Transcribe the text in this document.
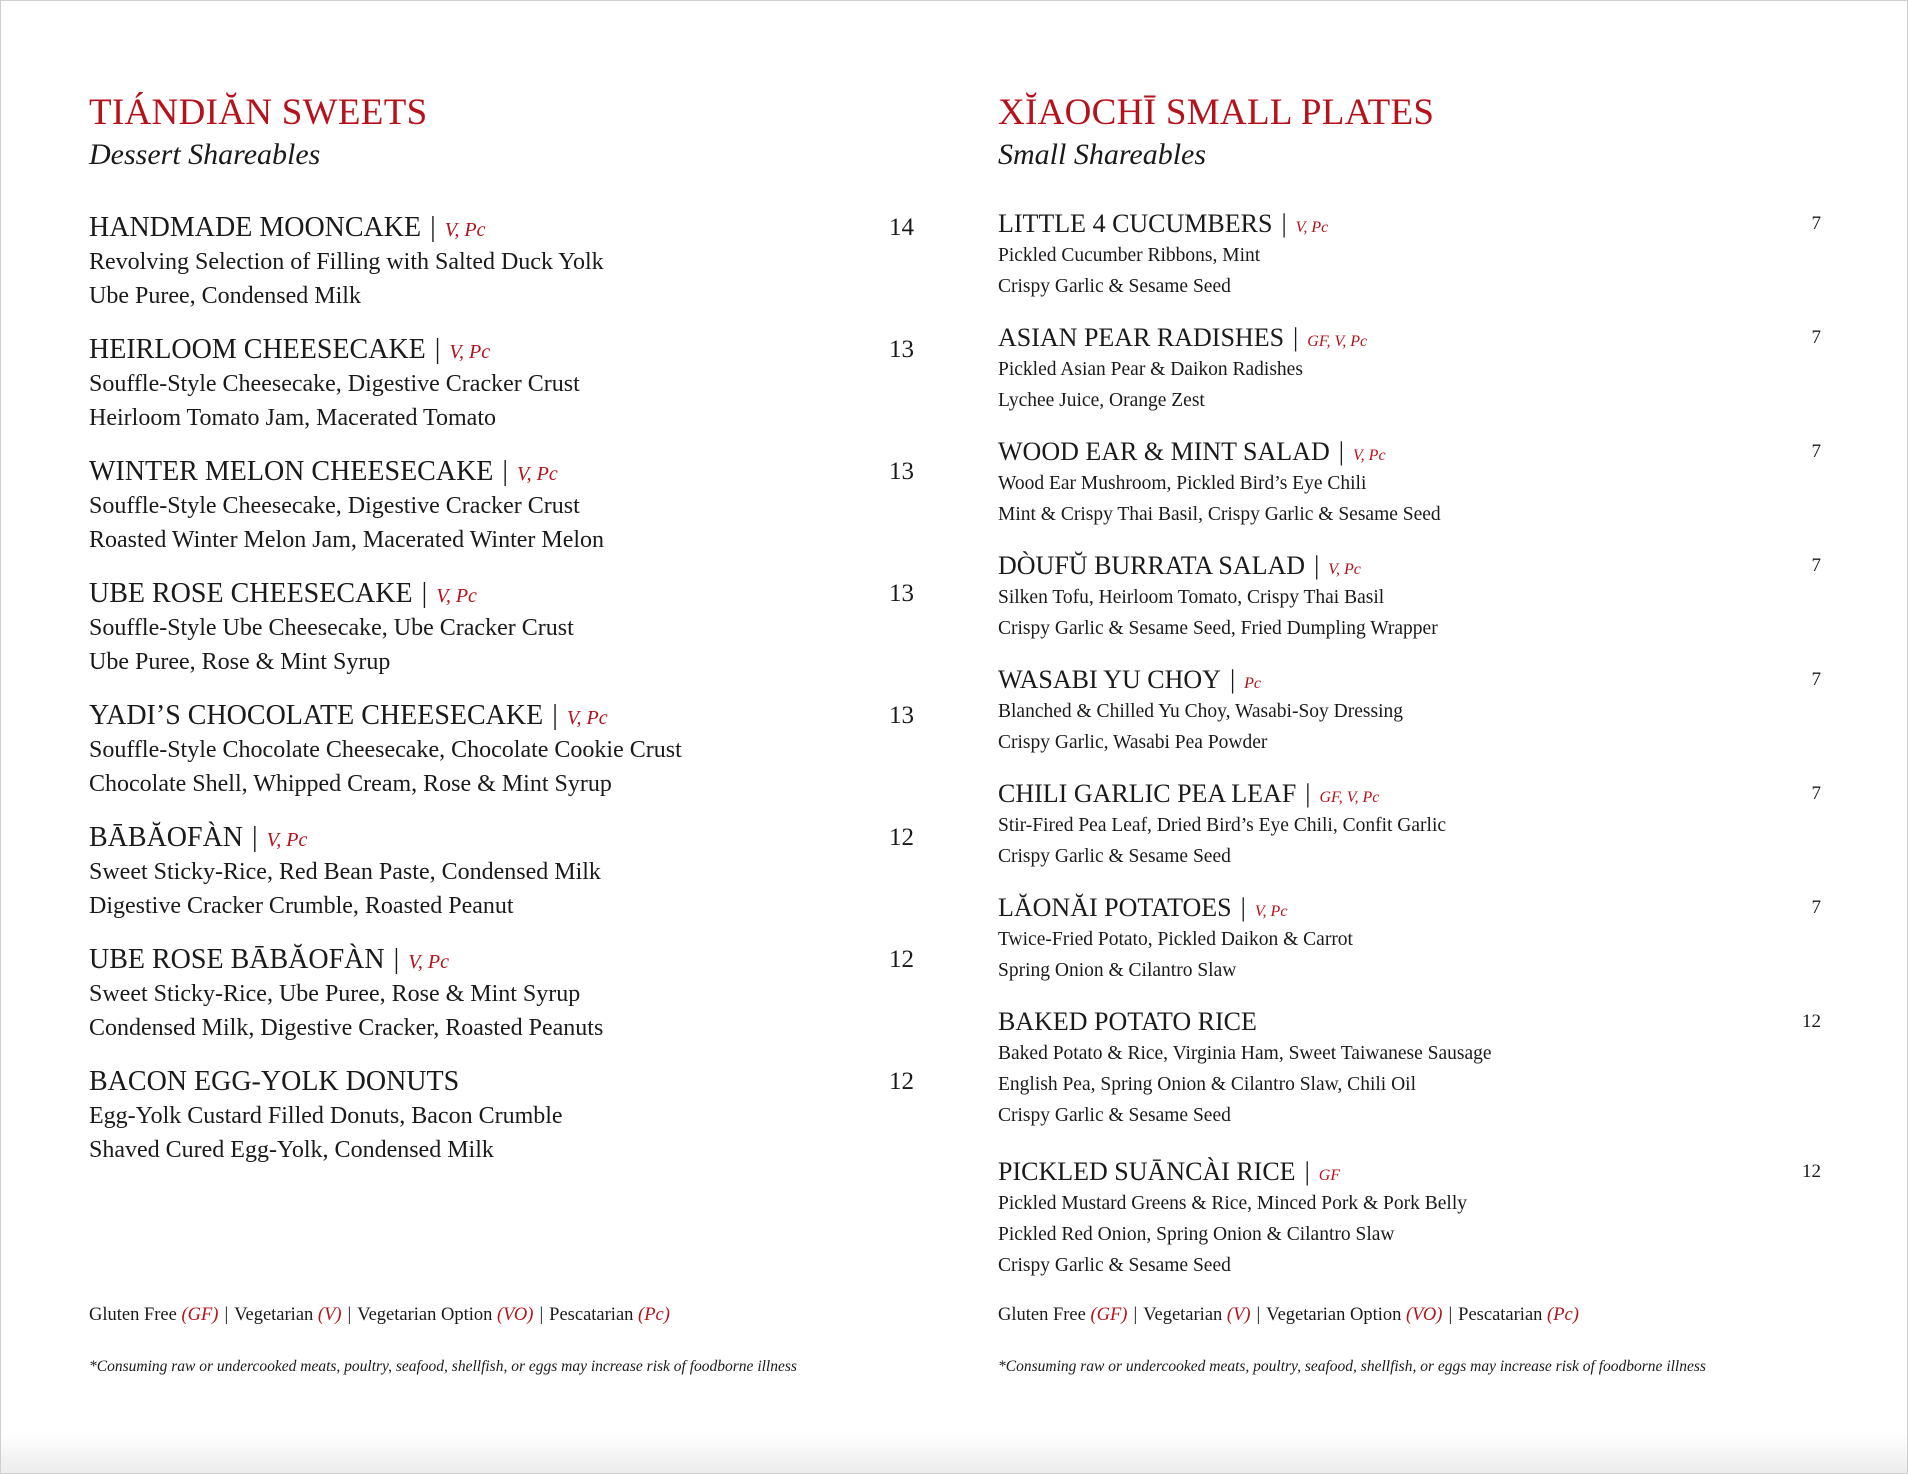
TIÁNDIĂN SWEETS
Dessert Shareables
HANDMADE MOONCAKE | V, Pc	14

Revolving Selection of Filling with Salted Duck Yolk

Ube Puree, Condensed Milk

HEIRLOOM CHEESECAKE | V, Pc	13

Souffle-Style Cheesecake, Digestive Cracker Crust

Heirloom Tomato Jam, Macerated Tomato

WINTER MELON CHEESECAKE | V, Pc	13

Souffle-Style Cheesecake, Digestive Cracker Crust

Roasted Winter Melon Jam, Macerated Winter Melon

UBE ROSE CHEESECAKE | V, Pc	13

Souffle-Style Ube Cheesecake, Ube Cracker Crust

Ube Puree, Rose & Mint Syrup

YADI’S CHOCOLATE CHEESECAKE | V, Pc	13

Souffle-Style Chocolate Cheesecake, Chocolate Cookie Crust

Chocolate Shell, Whipped Cream, Rose & Mint Syrup

BĀBĂOFÀN | V, Pc	12

Sweet Sticky-Rice, Red Bean Paste, Condensed Milk

Digestive Cracker Crumble, Roasted Peanut

UBE ROSE BĀBĂOFÀN | V, Pc	12

Sweet Sticky-Rice, Ube Puree, Rose & Mint Syrup

Condensed Milk, Digestive Cracker, Roasted Peanuts

BACON EGG-YOLK DONUTS	12

Egg-Yolk Custard Filled Donuts, Bacon Crumble

Shaved Cured Egg-Yolk, Condensed Milk

XĬAOCHĪ SMALL PLATES
Small Shareables
LITTLE 4 CUCUMBERS | V, Pc	7

Pickled Cucumber Ribbons, Mint

Crispy Garlic & Sesame Seed

ASIAN PEAR RADISHES | GF, V, Pc	7

Pickled Asian Pear & Daikon Radishes

Lychee Juice, Orange Zest

WOOD EAR & MINT SALAD | V, Pc	7

Wood Ear Mushroom, Pickled Bird’s Eye Chili

Mint & Crispy Thai Basil, Crispy Garlic & Sesame Seed

DÒUFŬ BURRATA SALAD | V, Pc	7

Silken Tofu, Heirloom Tomato, Crispy Thai Basil

Crispy Garlic & Sesame Seed, Fried Dumpling Wrapper

WASABI YU CHOY | Pc	7

Blanched & Chilled Yu Choy, Wasabi-Soy Dressing

Crispy Garlic, Wasabi Pea Powder

CHILI GARLIC PEA LEAF | GF, V, Pc	7

Stir-Fired Pea Leaf, Dried Bird’s Eye Chili, Confit Garlic

Crispy Garlic & Sesame Seed

LĂONĂI POTATOES | V, Pc	7

Twice-Fried Potato, Pickled Daikon & Carrot

Spring Onion & Cilantro Slaw

BAKED POTATO RICE	12

Baked Potato & Rice, Virginia Ham, Sweet Taiwanese Sausage

English Pea, Spring Onion & Cilantro Slaw, Chili Oil

Crispy Garlic & Sesame Seed

PICKLED SUĀNCÀI RICE | GF	12

Pickled Mustard Greens & Rice, Minced Pork & Pork Belly

Pickled Red Onion, Spring Onion & Cilantro Slaw

Crispy Garlic & Sesame Seed

Gluten Free (GF) | Vegetarian (V) | Vegetarian Option (VO) | Pescatarian (Pc)	Gluten Free (GF) | Vegetarian (V) | Vegetarian Option (VO) | Pescatarian (Pc)
*Consuming raw or undercooked meats, poultry, seafood, shellfish, or eggs may increase risk of foodborne illness	*Consuming raw or undercooked meats, poultry, seafood, shellfish, or eggs may increase risk of foodborne illness
